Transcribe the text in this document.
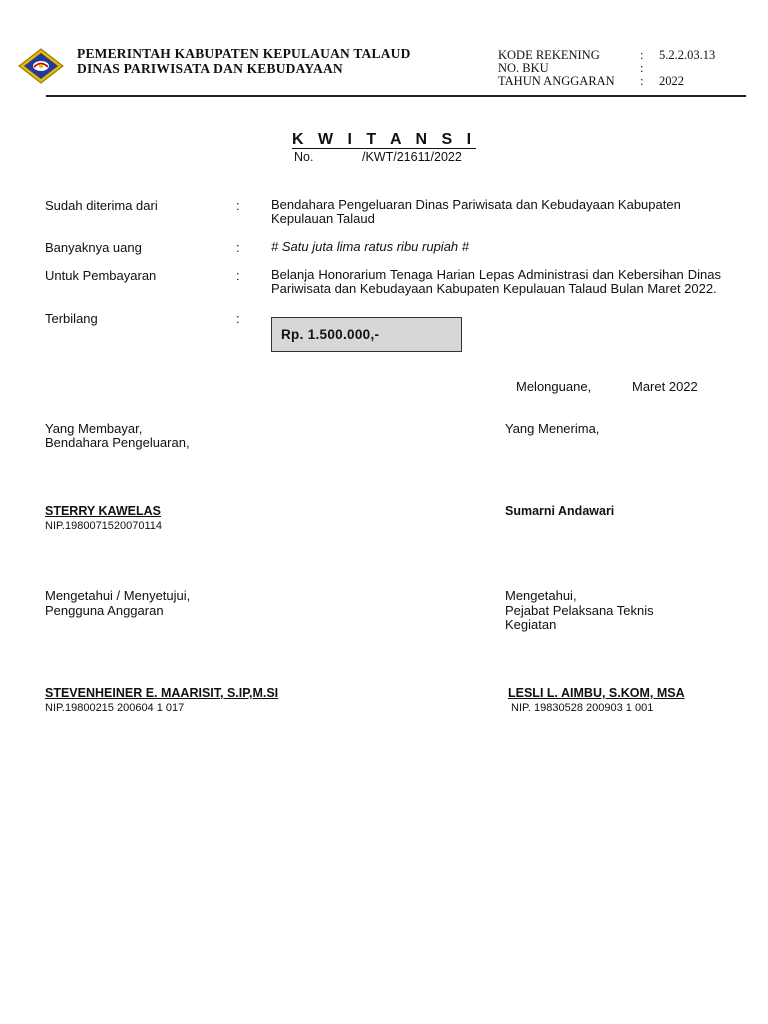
PEMERINTAH KABUPATEN KEPULAUAN TALAUD
DINAS PARIWISATA DAN KEBUDAYAAN
KODE REKENING	: 5.2.2.03.13
NO. BKU	:
TAHUN ANGGARAN : 2022
K W I T A N S I
No.	/KWT/21611/2022
Sudah diterima dari	: Bendahara Pengeluaran Dinas Pariwisata dan Kebudayaan Kabupaten Kepulauan Talaud
Banyaknya uang	: # Satu juta lima ratus ribu rupiah #
Untuk Pembayaran	: Belanja Honorarium Tenaga Harian Lepas Administrasi dan Kebersihan Dinas Pariwisata dan Kebudayaan Kabupaten Kepulauan Talaud Bulan Maret 2022.
Terbilang	:
Rp. 1.500.000,-
Melonguane,	Maret 2022
Yang Membayar,
Bendahara Pengeluaran,
Yang Menerima,
STERRY KAWELAS
NIP.1980071520070114
Sumarni Andawari
Mengetahui / Menyetujui,
Pengguna Anggaran
Mengetahui,
Pejabat Pelaksana Teknis
Kegiatan
STEVENHEINER E. MAARISIT, S.IP,M.SI
NIP.19800215 200604 1 017
LESLI L. AIMBU, S.KOM, MSA
NIP. 19830528 200903 1 001
